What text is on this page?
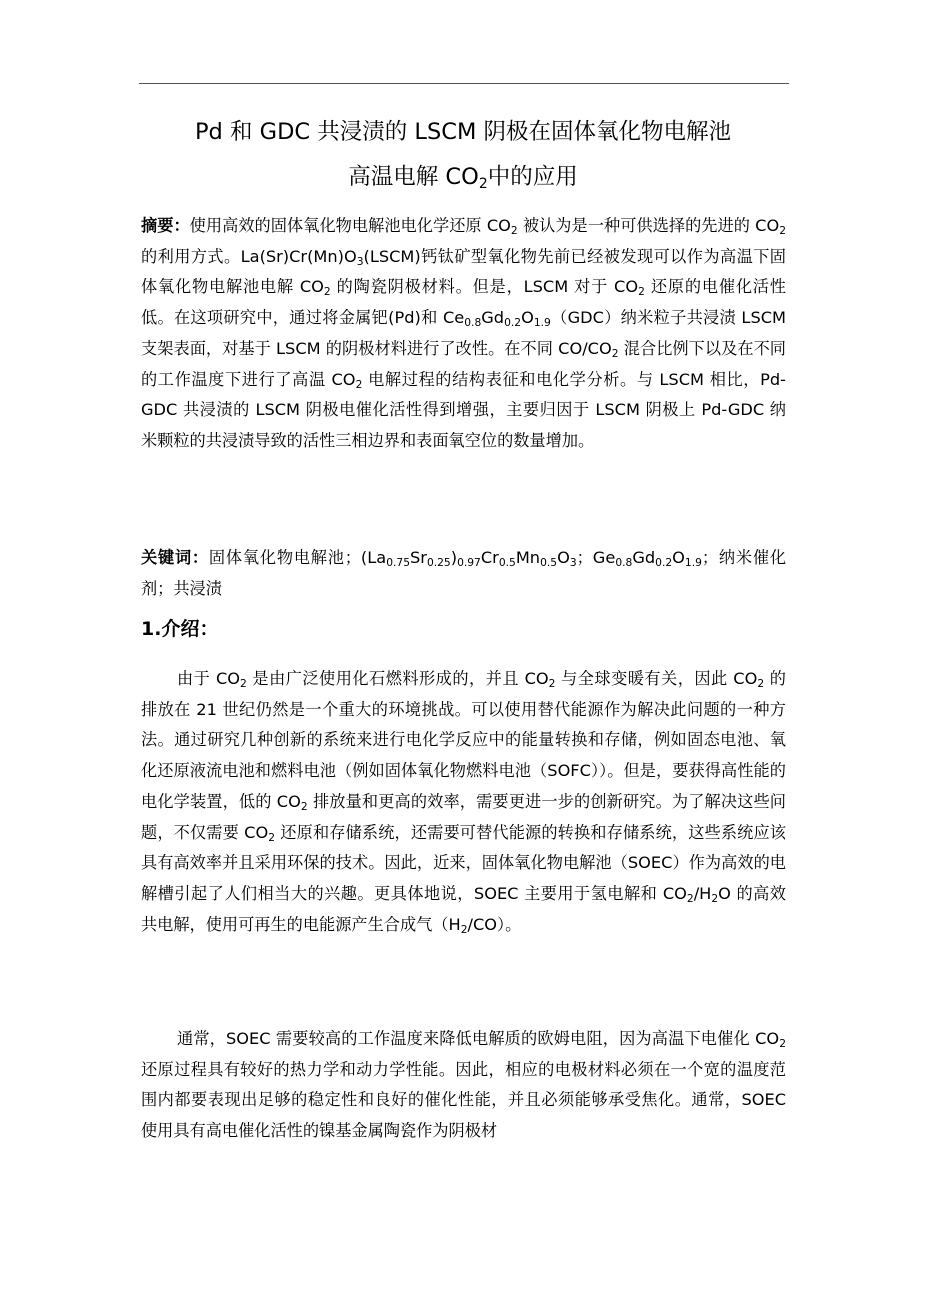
Pd 和 GDC 共浸渍的 LSCM 阴极在固体氧化物电解池
高温电解 $CO_2$中的应用
摘要：使用高效的固体氧化物电解池电化学还原 $CO_2$ 被认为是一种可供选择的先进的 $CO_2$ 的利用方式。$La(Sr)Cr(Mn)O_3(LSCM)$钙钛矿型氧化物先前已经被发现可以作为高温下固体氧化物电解池电解 $CO_2$ 的陶瓷阴极材料。但是，LSCM 对于 $CO_2$ 还原的电催化活性低。在这项研究中，通过将金属钯(Pd)和 $Ce_{0.8}Gd_{0.2}O_{1.9}(GDC)$纳米粒子共浸渍 LSCM 支架表面，对基于 LSCM 的阴极材料进行了改性。在不同 $CO/CO_2$ 混合比例下以及在不同的工作温度下进行了高温 $CO_2$ 电解过程的结构表征和电化学分析。与 LSCM 相比，Pd-GDC 共浸渍的 LSCM 阴极电催化活性得到增强，主要归因于 LSCM 阴极上 Pd-GDC 纳米颗粒的共浸渍导致的活性三相边界和表面氧空位的数量增加。
关键词：固体氧化物电解池；$(La_{0.75}Sr_{0.25})_{0.97}Cr_{0.5}Mn_{0.5}O_3$；$Ge_{0.8}Gd_{0.2}O_{1.9}$；纳米催化剂；共浸渍
1.介绍：
由于 $CO_2$ 是由广泛使用化石燃料形成的，并且 $CO_2$ 与全球变暖有关，因此 $CO_2$ 的排放在 21 世纪仍然是一个重大的环境挑战。可以使用替代能源作为解决此问题的一种方法。通过研究几种创新的系统来进行电化学反应中的能量转换和存储，例如固态电池、氧化还原液流电池和燃料电池（例如固体氧化物燃料电池（SOFC））。但是，要获得高性能的电化学装置，低的 $CO_2$ 排放量和更高的效率，需要更进一步的创新研究。为了解决这些问题，不仅需要 $CO_2$ 还原和存储系统，还需要可替代能源的转换和存储系统，这些系统应该具有高效率并且采用环保的技术。因此，近来，固体氧化物电解池（SOEC）作为高效的电解槽引起了人们相当大的兴趣。更具体地说，SOEC 主要用于氢电解和 $CO_2/H_2O$ 的高效共电解，使用可再生的电能源产生合成气$(H_2/CO)$。
通常，SOEC 需要较高的工作温度来降低电解质的欧姆电阻，因为高温下电催化 $CO_2$ 还原过程具有较好的热力学和动力学性能。因此，相应的电极材料必须在一个宽的温度范围内都要表现出足够的稳定性和良好的催化性能，并且必须能够承受焦化。通常，SOEC 使用具有高电催化活性的镍基金属陶瓷作为阴极材
